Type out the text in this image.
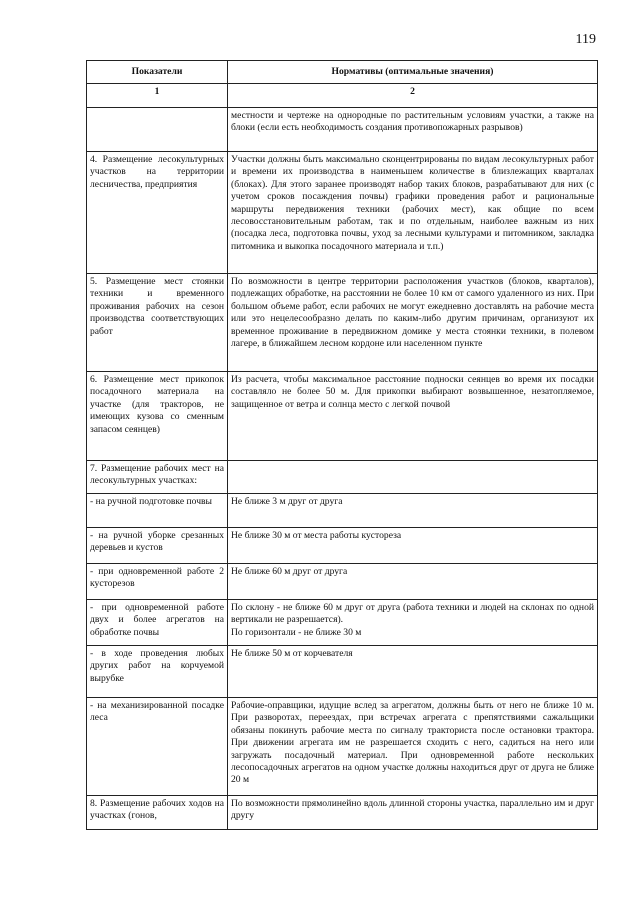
119
Показатели	Нормативы (оптимальные значения)
1	2
	местности и чертеже на однородные по растительным условиям участки, а также на блоки (если есть необходимость создания противопожарных разрывов)
4. Размещение лесокультурных участков на территории лесничества, предприятия	Участки должны быть максимально сконцентрированы по видам лесокультурных работ и времени их производства в наименьшем количестве в близлежащих кварталах (блоках). Для этого заранее производят набор таких блоков, разрабатывают для них (с учетом сроков посаждения почвы) графики проведения работ и рациональные маршруты передвижения техники (рабочих мест), как общие по всем лесовосстановительным работам, так и по отдельным, наиболее важным из них (посадка леса, подготовка почвы, уход за лесными культурами и питомником, закладка питомника и выкопка посадочного материала и т.п.)
5. Размещение мест стоянки техники и временного проживания рабочих на сезон производства соответствующих работ	По возможности в центре территории расположения участков (блоков, кварталов), подлежащих обработке, на расстоянии не более 10 км от самого удаленного из них. При большом объеме работ, если рабочих не могут ежедневно доставлять на рабочие места или это нецелесообразно делать по каким-либо другим причинам, организуют их временное проживание в передвижном домике у места стоянки техники, в полевом лагере, в ближайшем лесном кордоне или населенном пункте
6. Размещение мест прикопок посадочного материала на участке (для тракторов, не имеющих кузова со сменным запасом сеянцев)	Из расчета, чтобы максимальное расстояние подноски сеянцев во время их посадки составляло не более 50 м. Для прикопки выбирают возвышенное, незатопляемое, защищенное от ветра и солнца место с легкой почвой
7. Размещение рабочих мест на лесокультурных участках:	
- на ручной подготовке почвы	Не ближе 3 м друг от друга
- на ручной уборке срезанных деревьев и кустов	Не ближе 30 м от места работы кустореза
- при одновременной работе 2 кусторезов	Не ближе 60 м друг от друга
- при одновременной работе двух и более агрегатов на обработке почвы	По склону - не ближе 60 м друг от друга (работа техники и людей на склонах по одной вертикали не разрешается).
По горизонтали - не ближе 30 м
- в ходе проведения любых других работ на корчуемой вырубке	Не ближе 50 м от корчевателя
- на механизированной посадке леса	Рабочие-оправщики, идущие вслед за агрегатом, должны быть от него не ближе 10 м. При разворотах, переездах, при встречах агрегата с препятствиями сажальщики обязаны покинуть рабочие места по сигналу тракториста после остановки трактора. При движении агрегата им не разрешается сходить с него, садиться на него или загружать посадочный материал. При одновременной работе нескольких лесопосадочных агрегатов на одном участке должны находиться друг от друга не ближе 20 м
8. Размещение рабочих ходов на участках (гонов,	По возможности прямолинейно вдоль длинной стороны участка, параллельно им и друг другу
